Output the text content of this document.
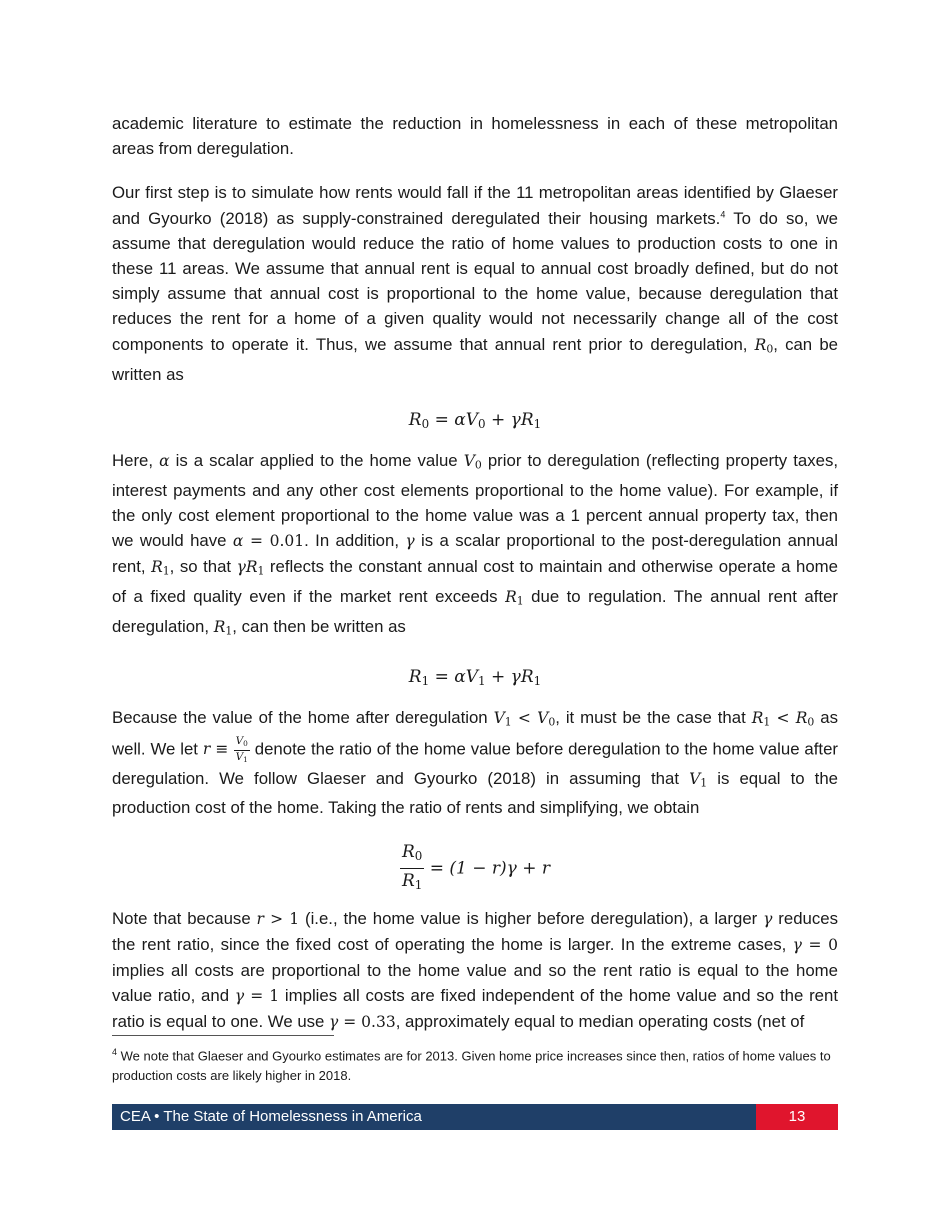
academic literature to estimate the reduction in homelessness in each of these metropolitan areas from deregulation.

Our first step is to simulate how rents would fall if the 11 metropolitan areas identified by Glaeser and Gyourko (2018) as supply-constrained deregulated their housing markets.$^4$ To do so, we assume that deregulation would reduce the ratio of home values to production costs to one in these 11 areas. We assume that annual rent is equal to annual cost broadly defined, but do not simply assume that annual cost is proportional to the home value, because deregulation that reduces the rent for a home of a given quality would not necessarily change all of the cost components to operate it. Thus, we assume that annual rent prior to deregulation, $R_0$, can be written as

$R_0 = \alpha V_0 + \gamma R_1$

Here, α is a scalar applied to the home value $V_0$ prior to deregulation (reflecting property taxes, interest payments and any other cost elements proportional to the home value). For example, if the only cost element proportional to the home value was a 1 percent annual property tax, then we would have α = 0.01. In addition, γ is a scalar proportional to the post-deregulation annual rent, $R_1$, so that $\gamma R_1$ reflects the constant annual cost to maintain and otherwise operate a home of a fixed quality even if the market rent exceeds $R_1$ due to regulation. The annual rent after deregulation, $R_1$, can then be written as

$R_1 = \alpha V_1 + \gamma R_1$

Because the value of the home after deregulation $V_1 < V_0$, it must be the case that $R_1 < R_0$ as well. We let $r \equiv \frac{V_0}{V_1}$ denote the ratio of the home value before deregulation to the home value after deregulation. We follow Glaeser and Gyourko (2018) in assuming that $V_1$ is equal to the production cost of the home. Taking the ratio of rents and simplifying, we obtain

$\frac{R_0}{R_1} = (1 - r)\gamma + r$

Note that because r > 1 (i.e., the home value is higher before deregulation), a larger γ reduces the rent ratio, since the fixed cost of operating the home is larger. In the extreme cases, γ = 0 implies all costs are proportional to the home value and so the rent ratio is equal to the home value ratio, and γ = 1 implies all costs are fixed independent of the home value and so the rent ratio is equal to one. We use γ = 0.33, approximately equal to median operating costs (net of

$^4$ We note that Glaeser and Gyourko estimates are for 2013. Given home price increases since then, ratios of home values to production costs are likely higher in 2018.
CEA • The State of Homelessness in America	13
